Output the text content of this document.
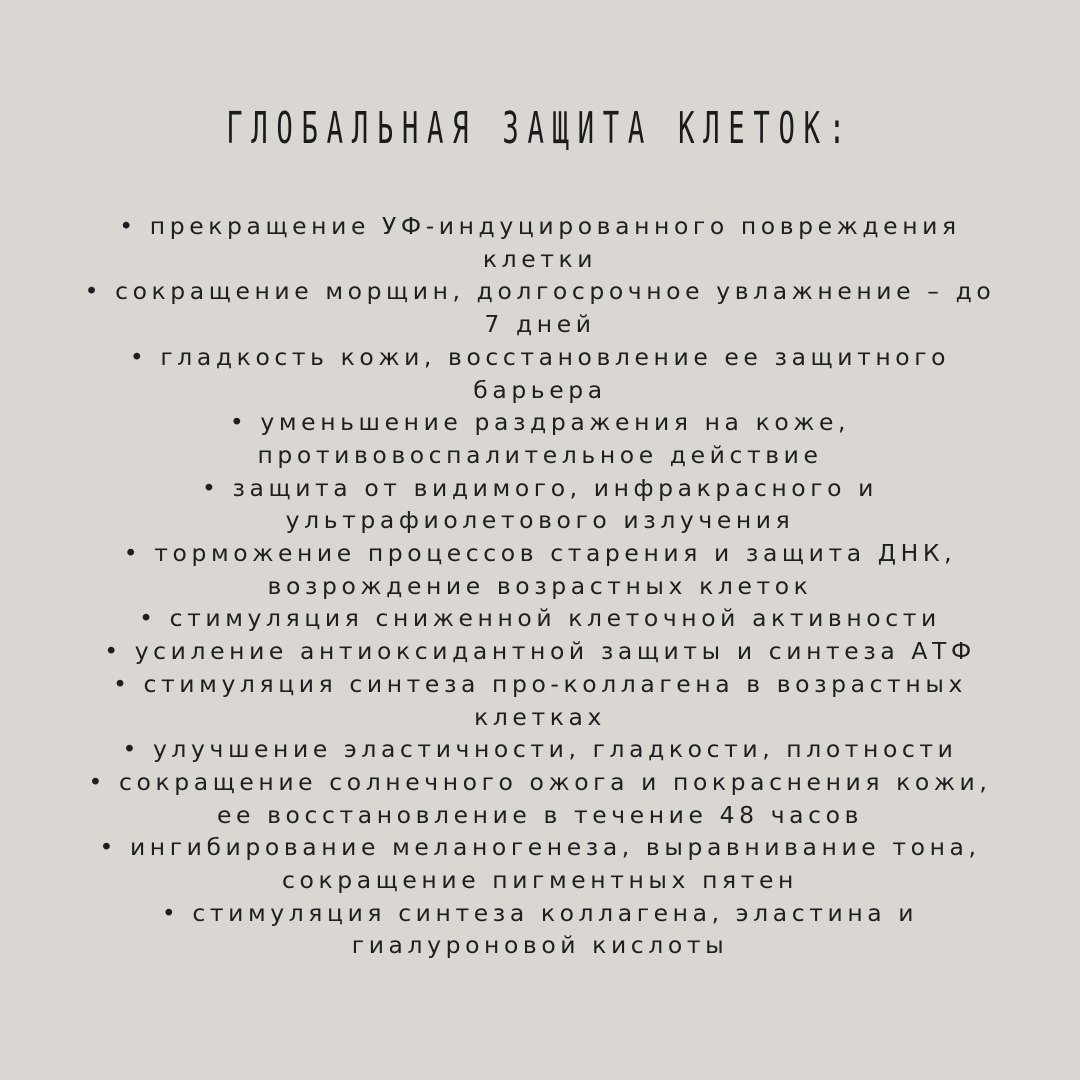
ГЛОБАЛЬНАЯ ЗАЩИТА КЛЕТОК:
• прекращение УФ-индуцированного повреждения
клетки
• сокращение морщин, долгосрочное увлажнение – до
7 дней
• гладкость кожи, восстановление ее защитного
барьера
• уменьшение раздражения на коже,
противовоспалительное действие
• защита от видимого, инфракрасного и
ультрафиолетового излучения
• торможение процессов старения и защита ДНК,
возрождение возрастных клеток
• стимуляция сниженной клеточной активности
• усиление антиоксидантной защиты и синтеза АТФ
• стимуляция синтеза про-коллагена в возрастных
клетках
• улучшение эластичности, гладкости, плотности
• сокращение солнечного ожога и покраснения кожи,
ее восстановление в течение 48 часов
• ингибирование меланогенеза, выравнивание тона,
сокращение пигментных пятен
• стимуляция синтеза коллагена, эластина и
гиалуроновой кислоты
